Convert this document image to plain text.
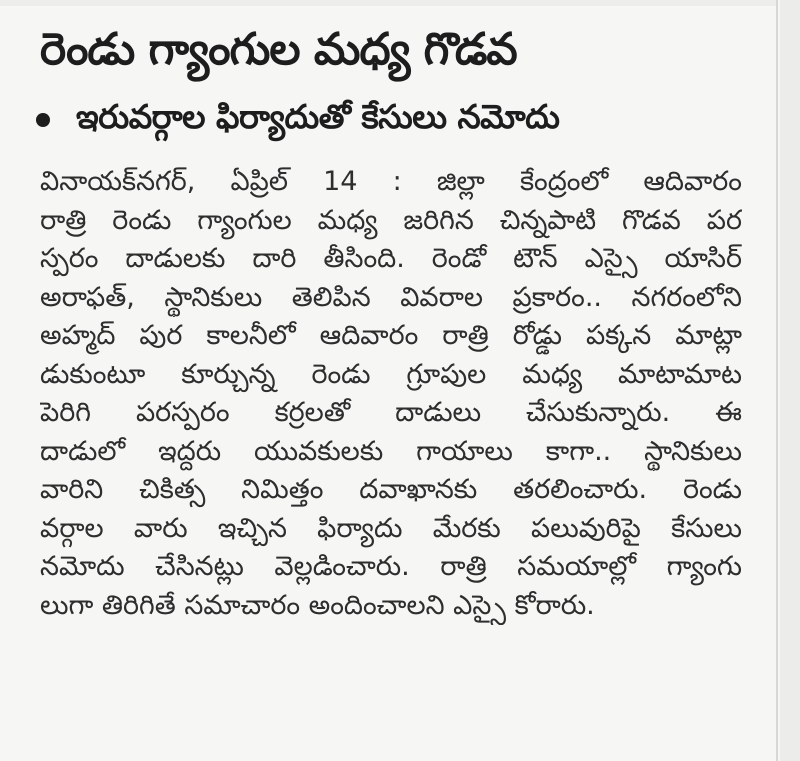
రెండు గ్యాంగుల మధ్య గొడవ
ఇరువర్గాల ఫిర్యాదుతో కేసులు నమోదు
వినాయక్‌నగర్, ఏప్రిల్ 14 : జిల్లా కేంద్రంలో ఆదివారం
రాత్రి రెండు గ్యాంగుల మధ్య జరిగిన చిన్నపాటి గొడవ పర
స్పరం దాడులకు దారి తీసింది. రెండో టౌన్ ఎస్సై యాసిర్
అరాఫత్, స్థానికులు తెలిపిన వివరాల ప్రకారం.. నగరంలోని
అహ్మద్ పుర కాలనీలో ఆదివారం రాత్రి రోడ్డు పక్కన మాట్లా
డుకుంటూ కూర్చున్న రెండు గ్రూపుల మధ్య మాటామాట
పెరిగి పరస్పరం కర్రలతో దాడులు చేసుకున్నారు. ఈ
దాడులో ఇద్దరు యువకులకు గాయాలు కాగా.. స్థానికులు
వారిని చికిత్స నిమిత్తం దవాఖానకు తరలించారు. రెండు
వర్గాల వారు ఇచ్చిన ఫిర్యాదు మేరకు పలువురిపై కేసులు
నమోదు చేసినట్లు వెల్లడించారు. రాత్రి సమయాల్లో గ్యాంగు
లుగా తిరిగితే సమాచారం అందించాలని ఎస్సై కోరారు.
